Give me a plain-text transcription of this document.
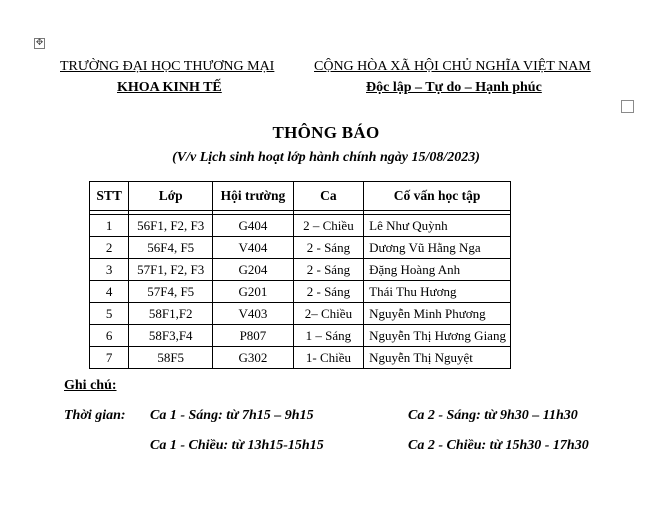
✥
TRƯỜNG ĐẠI HỌC THƯƠNG MẠI
KHOA KINH TẾ
CỘNG HÒA XÃ HỘI CHỦ NGHĨA VIỆT NAM
Độc lập – Tự do – Hạnh phúc
THÔNG BÁO
(V/v Lịch sinh hoạt lớp hành chính ngày 15/08/2023)
STT	Lớp	Hội trường	Ca	Cố vấn học tập

1	56F1, F2, F3	G404	2 – Chiều	Lê Như Quỳnh
2	56F4, F5	V404	2 - Sáng	Dương Vũ Hằng Nga
3	57F1, F2, F3	G204	2 - Sáng	Đặng Hoàng Anh
4	57F4, F5	G201	2 - Sáng	Thái Thu Hương
5	58F1,F2	V403	2– Chiều	Nguyễn Minh Phương
6	58F3,F4	P807	1 – Sáng	Nguyễn Thị Hương Giang
7	58F5	G302	1- Chiều	Nguyễn Thị Nguyệt
Ghi chú:
Thời gian: Ca 1 - Sáng: từ 7h15 – 9h15	Ca 2 - Sáng: từ 9h30 – 11h30
Ca 1 - Chiều: từ 13h15-15h15	Ca 2 - Chiều: từ 15h30 - 17h30
